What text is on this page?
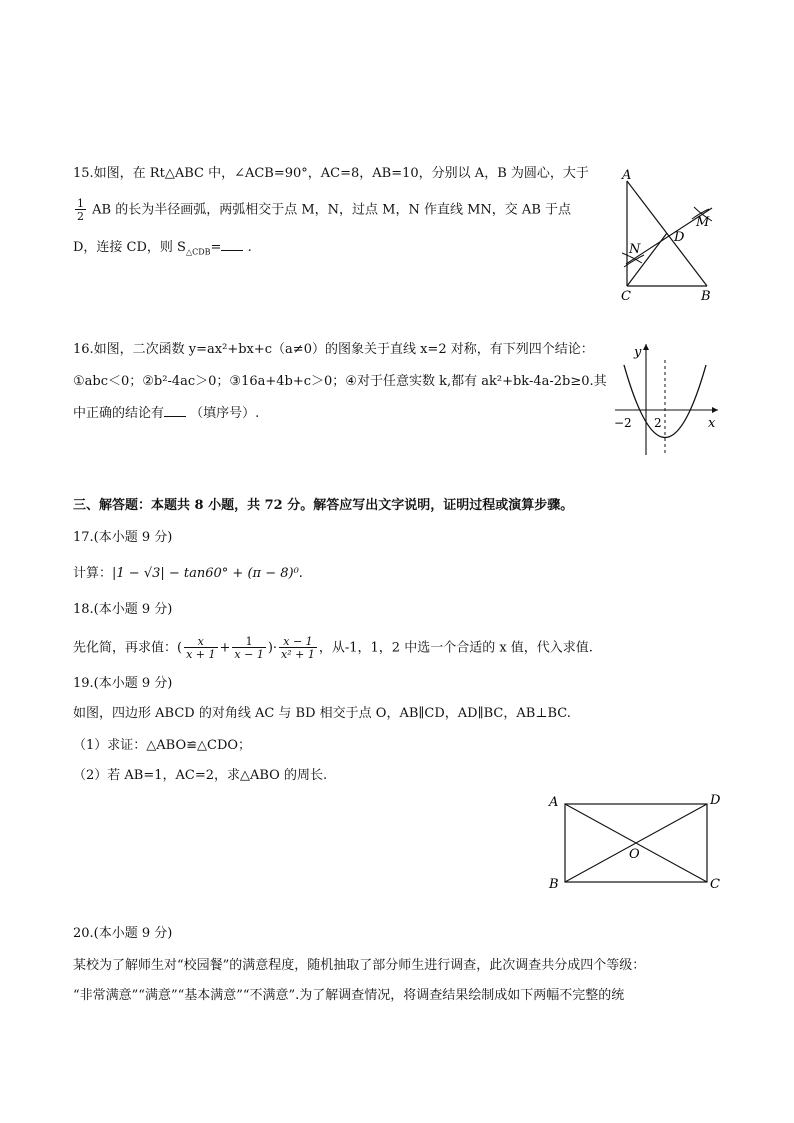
15.如图，在 Rt△ABC 中，∠ACB=90°，AC=8，AB=10，分别以 A，B 为圆心，大于
$\frac{1}{2}$ AB 的长为半径画弧，两弧相交于点 M，N，过点 M，N 作直线 MN，交 AB 于点
D，连接 CD，则 $S_{\triangle CDB}=$ .
A
D
M
N
C	B
16.如图，二次函数 y=ax²+bx+c（a≠0）的图象关于直线 x=2 对称，有下列四个结论：
①abc＜0；②b²-4ac＞0；③16a+4b+c＞0；④对于任意实数 k,都有 ak²+bk-4a-2b≥0.其
中正确的结论有 （填序号）.
y
x
−2 2
三、解答题：本题共 8 小题，共 72 分。解答应写出文字说明，证明过程或演算步骤。
17.(本小题 9 分)
计算：|1 − √3| − tan60° + (π − 8)⁰.
18.(本小题 9 分)
先化简，再求值：( $\frac{x}{x + 1} + \frac{1}{x - 1}$ )· $\frac{x - 1}{\text{x² + 1}}$ ，从-1，1，2 中选一个合适的 x 值，代入求值.
19.(本小题 9 分)
如图，四边形 ABCD 的对角线 AC 与 BD 相交于点 O，AB∥CD，AD∥BC，AB⊥BC.
（1）求证：△ABO≌△CDO；
（2）若 AB=1，AC=2，求△ABO 的周长.
A	D
O
B	C
20.(本小题 9 分)
某校为了解师生对“校园餐”的满意程度，随机抽取了部分师生进行调查，此次调查共分成四个等级：
“非常满意”“满意”“基本满意”“不满意”.为了解调查情况，将调查结果绘制成如下两幅不完整的统
